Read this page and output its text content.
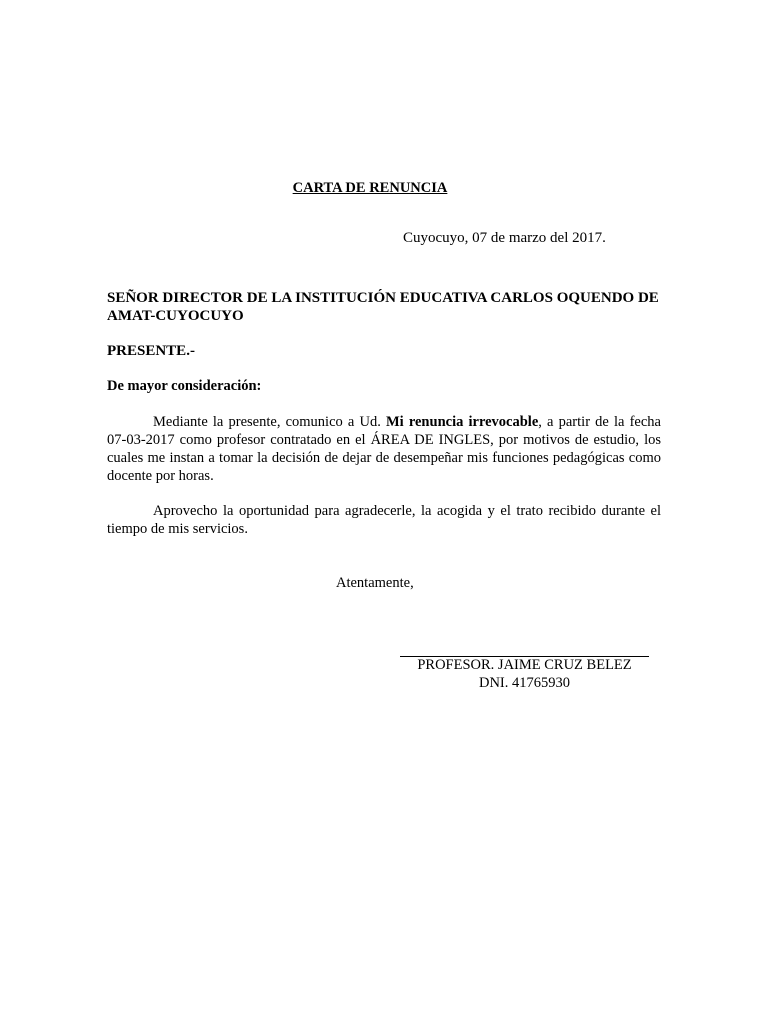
CARTA DE RENUNCIA
Cuyocuyo, 07 de marzo del 2017.
SEÑOR DIRECTOR DE LA INSTITUCIÓN EDUCATIVA CARLOS OQUENDO DE AMAT-CUYOCUYO
PRESENTE.-
De mayor consideración:
Mediante la presente, comunico a Ud. Mi renuncia irrevocable, a partir de la fecha 07-03-2017 como profesor contratado en el ÁREA DE INGLES, por motivos de estudio, los cuales me instan a tomar la decisión de dejar de desempeñar mis funciones pedagógicas como docente por horas.
Aprovecho la oportunidad para agradecerle, la acogida y el trato recibido durante el tiempo de mis servicios.
Atentamente,
PROFESOR. JAIME CRUZ BELEZ
DNI. 41765930
